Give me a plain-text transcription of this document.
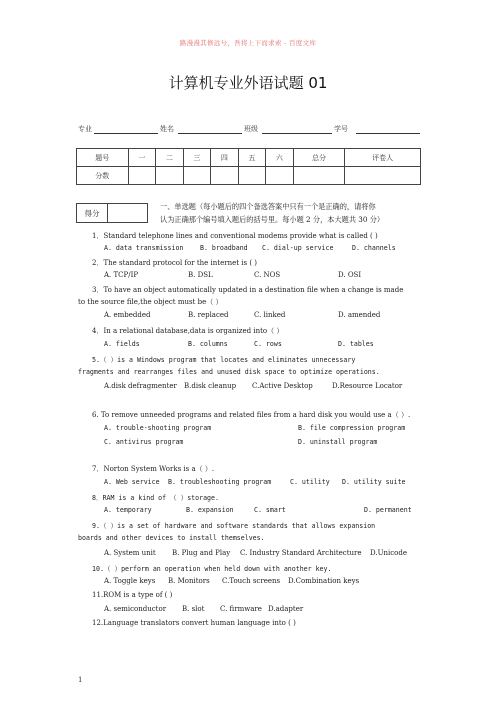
路漫漫其修远兮，吾将上下而求索 - 百度文库
计算机专业外语试题 01
专业	姓名	班级	学号
题号	一	二	三	四	五	六	总分	评卷人
分数								
得分
一、单选题（每小题后的四个备选答案中只有一个是正确的，请将你
认为正确那个编号填入题后的括号里。每小题 2 分，本大题共 30 分）
1．Standard telephone lines and conventional modems provide what is called ( )
A. data transmission	B. broadband C. dial-up service	D. channels
2．The standard protocol for the internet is ( )
A. TCP/IP	B. DSL	C. NOS	D. OSI
3．To have an object automatically updated in a destination file when a change is made
to the source file,the object must be（ ）
A. embedded	B. replaced	C. linked	D. amended
4．In a relational database,data is organized into（ ）
A. fields	B. columns	C. rows	D. tables
5.（ ）is a Windows program that locates and eliminates unnecessary
fragments and rearranges files and unused disk space to optimize operations.
A.disk defragmenter B.disk cleanup C.Active Desktop	D.Resource Locator
6. To remove unneeded programs and related files from a hard disk you would use a（ ）.
A. trouble-shooting program	B. file compression program
C. antivirus program	D. uninstall program
7．Norton System Works is a（ ）.
A. Web service B. troubleshooting program	C. utility D. utility suite
8．RAM is a kind of （ ）storage.
A. temporary	B. expansion	C. smart	D. permanent
9.（ ）is a set of hardware and software standards that allows expansion
boards and other devices to install themselves.
A. System unit B. Plug and Play C. Industry Standard Architecture D.Unicode
10.（ ）perform an operation when held down with another key.
A. Toggle keys B. Monitors C.Touch screens D.Combination keys
11.ROM is a type of ( )
A. semiconductor B. slot C. firmware D.adapter
12.Language translators convert human language into ( )
1
